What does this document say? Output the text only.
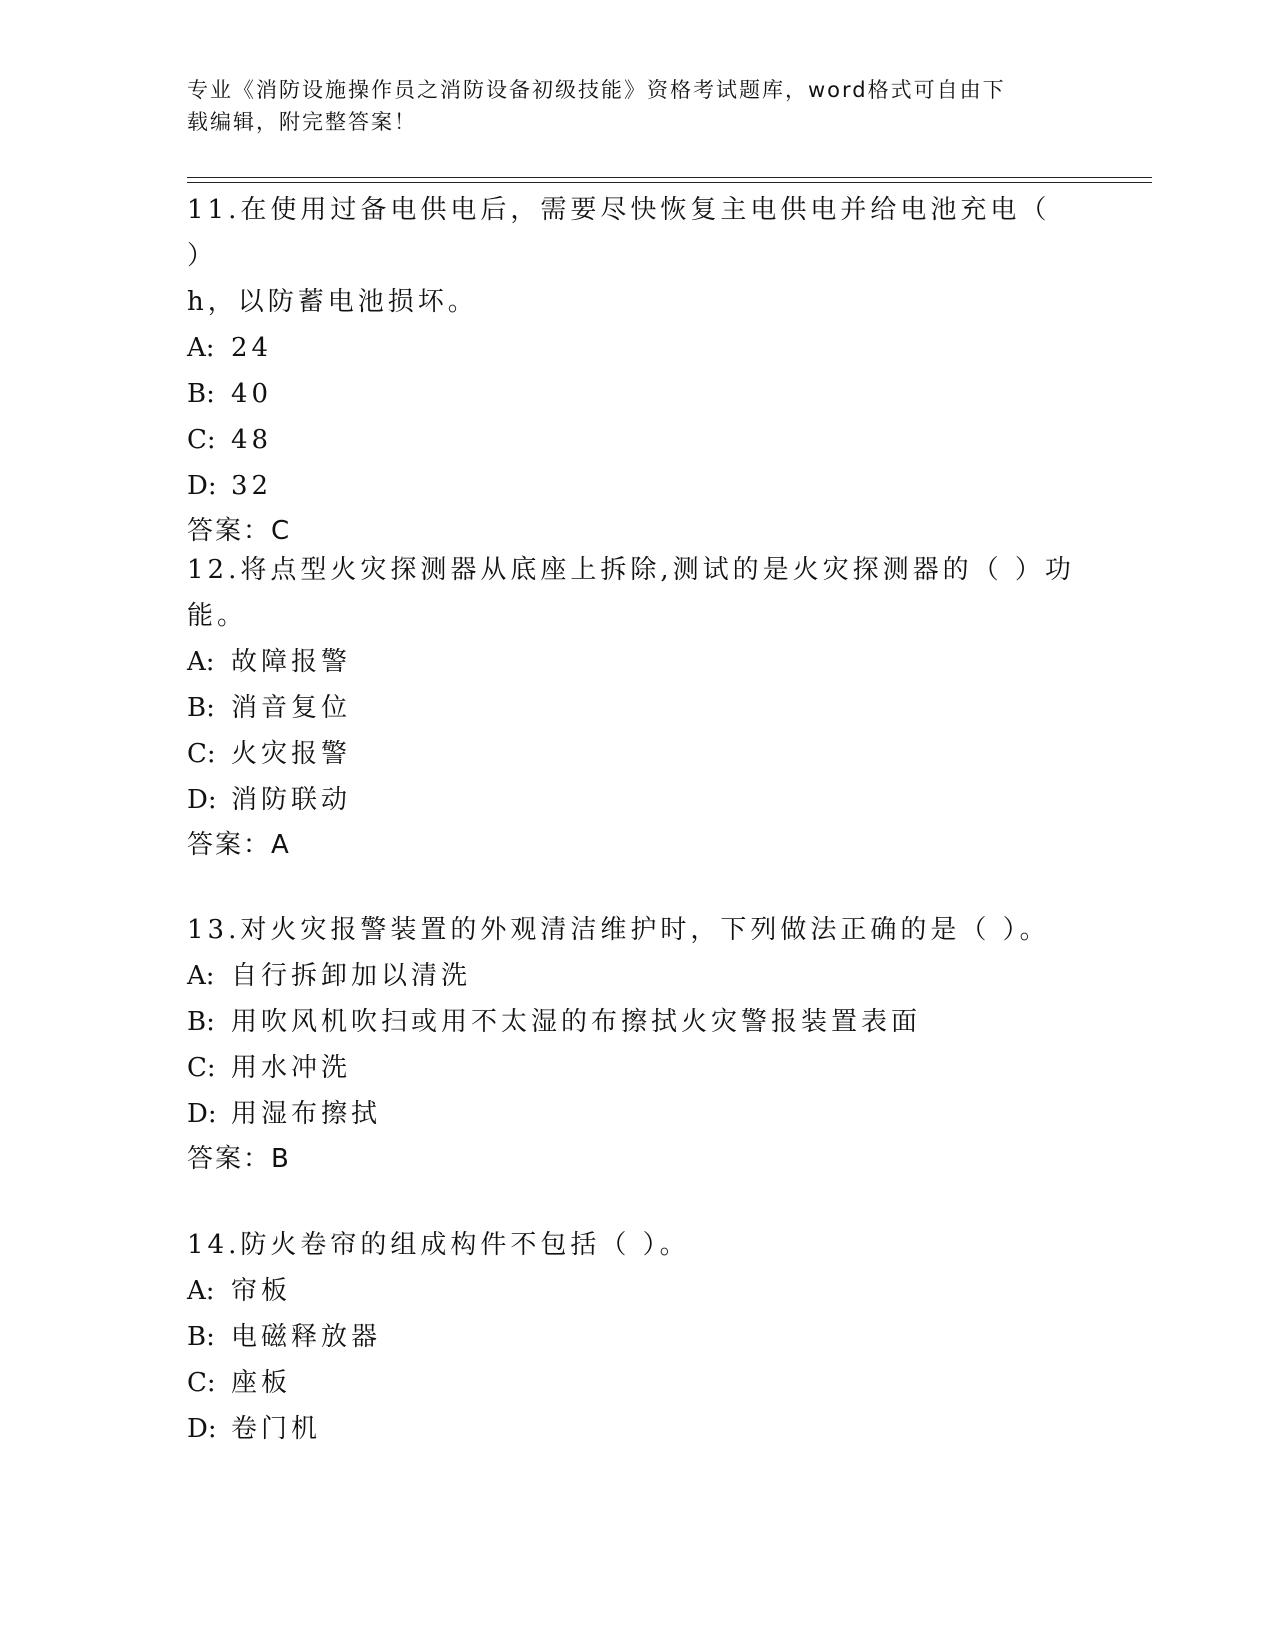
专业《消防设施操作员之消防设备初级技能》资格考试题库，word格式可自由下
载编辑，附完整答案！

11.在使用过备电供电后，需要尽快恢复主电供电并给电池充电（ ）

h，以防蓄电池损坏。

A: 24

B: 40

C: 48

D: 32

答案：C

12.将点型火灾探测器从底座上拆除,测试的是火灾探测器的（ ）功

能。

A: 故障报警

B: 消音复位

C: 火灾报警

D: 消防联动

答案：A

13.对火灾报警装置的外观清洁维护时，下列做法正确的是（ ）。

A: 自行拆卸加以清洗

B: 用吹风机吹扫或用不太湿的布擦拭火灾警报装置表面

C: 用水冲洗

D: 用湿布擦拭

答案：B

14.防火卷帘的组成构件不包括（ ）。

A: 帘板

B: 电磁释放器

C: 座板

D: 卷门机
